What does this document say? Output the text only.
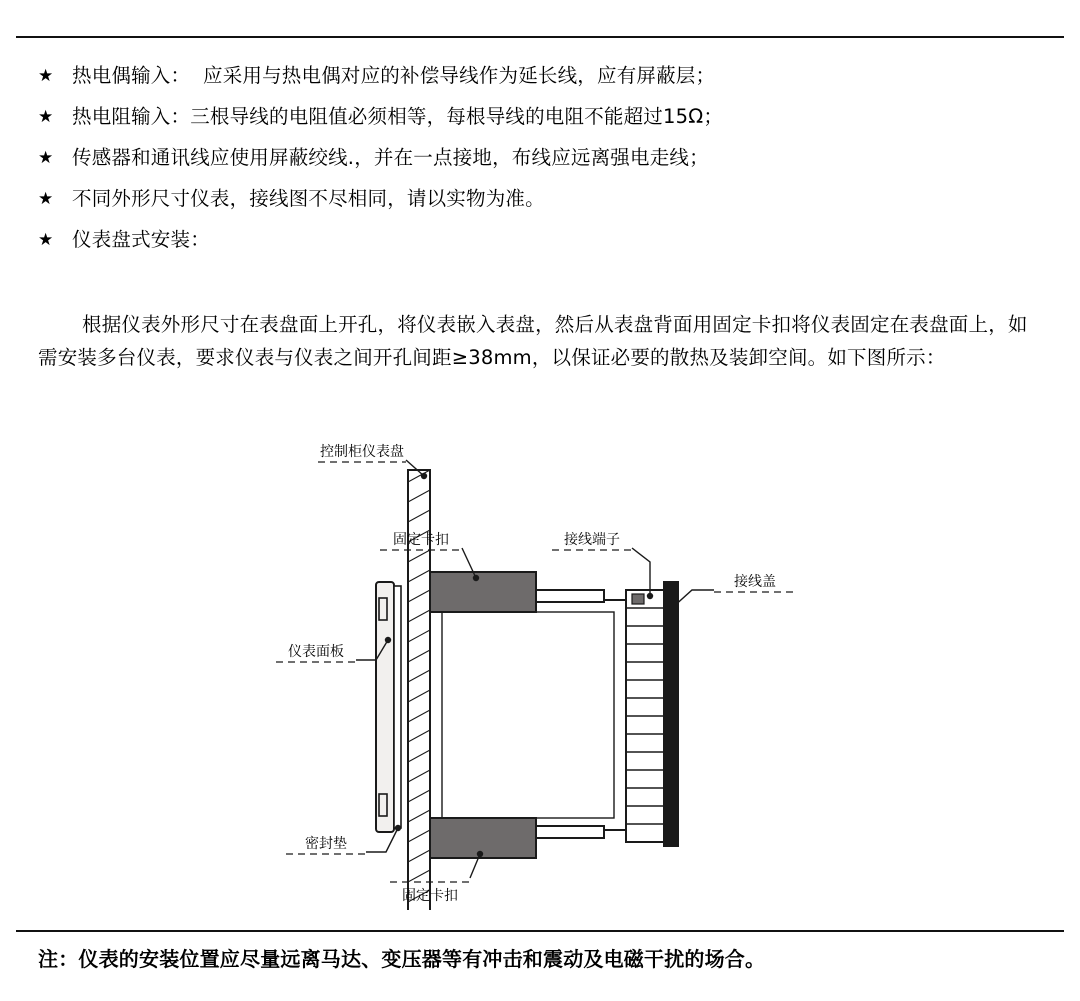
★ 热电偶输入：  应采用与热电偶对应的补偿导线作为延长线，应有屏蔽层；
★ 热电阻输入：三根导线的电阻值必须相等，每根导线的电阻不能超过15Ω；
★ 传感器和通讯线应使用屏蔽绞线.，并在一点接地，布线应远离强电走线；
★ 不同外形尺寸仪表，接线图不尽相同，请以实物为准。
★ 仪表盘式安装：
根据仪表外形尺寸在表盘面上开孔，将仪表嵌入表盘，然后从表盘背面用固定卡扣将仪表固定在表盘面上，如需安装多台仪表，要求仪表与仪表之间开孔间距≥38mm，以保证必要的散热及装卸空间。如下图所示：
控制柜仪表盘
固定卡扣	接线端子
接线盖
仪表面板
密封垫
固定卡扣
注：仪表的安装位置应尽量远离马达、变压器等有冲击和震动及电磁干扰的场合。
